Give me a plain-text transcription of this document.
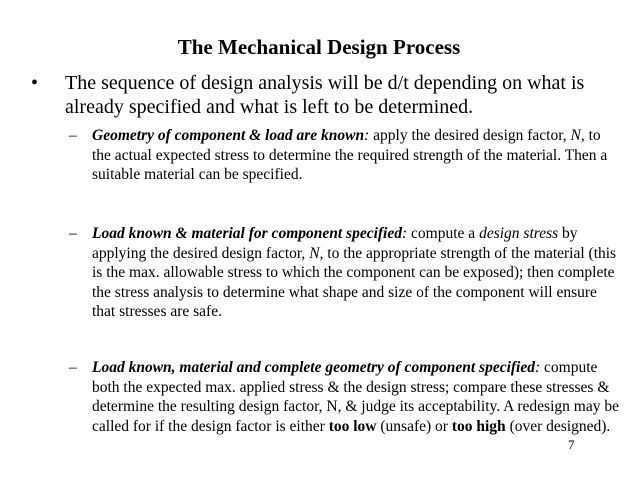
The Mechanical Design Process
• The sequence of design analysis will be d/t depending on what is already specified and what is left to be determined.
– Geometry of component & load are known: apply the desired design factor, N, to the actual expected stress to determine the required strength of the material. Then a suitable material can be specified.
– Load known & material for component specified: compute a design stress by applying the desired design factor, N, to the appropriate strength of the material (this is the max. allowable stress to which the component can be exposed); then complete the stress analysis to determine what shape and size of the component will ensure that stresses are safe.
– Load known, material and complete geometry of component specified: compute both the expected max. applied stress & the design stress; compare these stresses & determine the resulting design factor, N, & judge its acceptability. A redesign may be called for if the design factor is either too low (unsafe) or too high (over designed).
7
